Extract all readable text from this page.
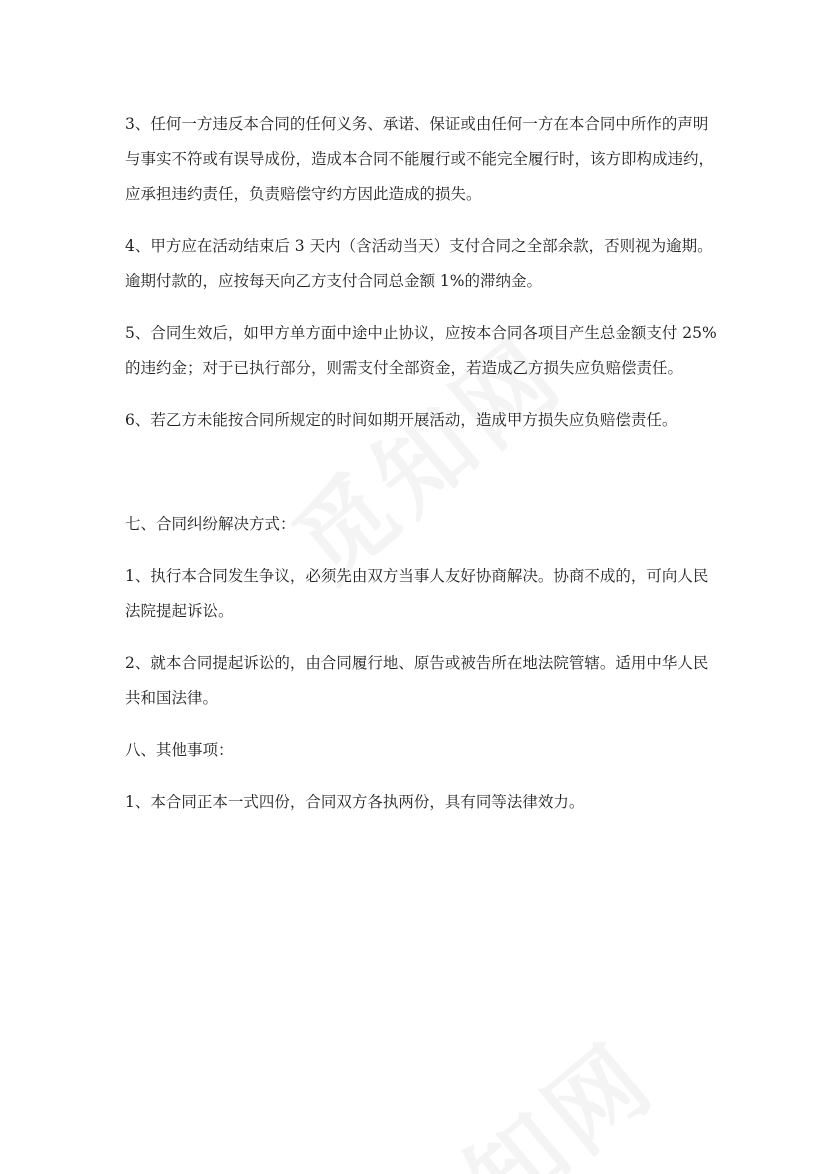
3、任何一方违反本合同的任何义务、承诺、保证或由任何一方在本合同中所作的声明与事实不符或有误导成份，造成本合同不能履行或不能完全履行时，该方即构成违约，应承担违约责任，负责赔偿守约方因此造成的损失。

4、甲方应在活动结束后 3 天内（含活动当天）支付合同之全部余款，否则视为逾期。逾期付款的，应按每天向乙方支付合同总金额 1%的滞纳金。

5、合同生效后，如甲方单方面中途中止协议，应按本合同各项目产生总金额支付 25%的违约金；对于已执行部分，则需支付全部资金，若造成乙方损失应负赔偿责任。

6、若乙方未能按合同所规定的时间如期开展活动，造成甲方损失应负赔偿责任。

七、合同纠纷解决方式：

1、执行本合同发生争议，必须先由双方当事人友好协商解决。协商不成的，可向人民法院提起诉讼。

2、就本合同提起诉讼的，由合同履行地、原告或被告所在地法院管辖。适用中华人民共和国法律。

八、其他事项：

1、本合同正本一式四份，合同双方各执两份，具有同等法律效力。
